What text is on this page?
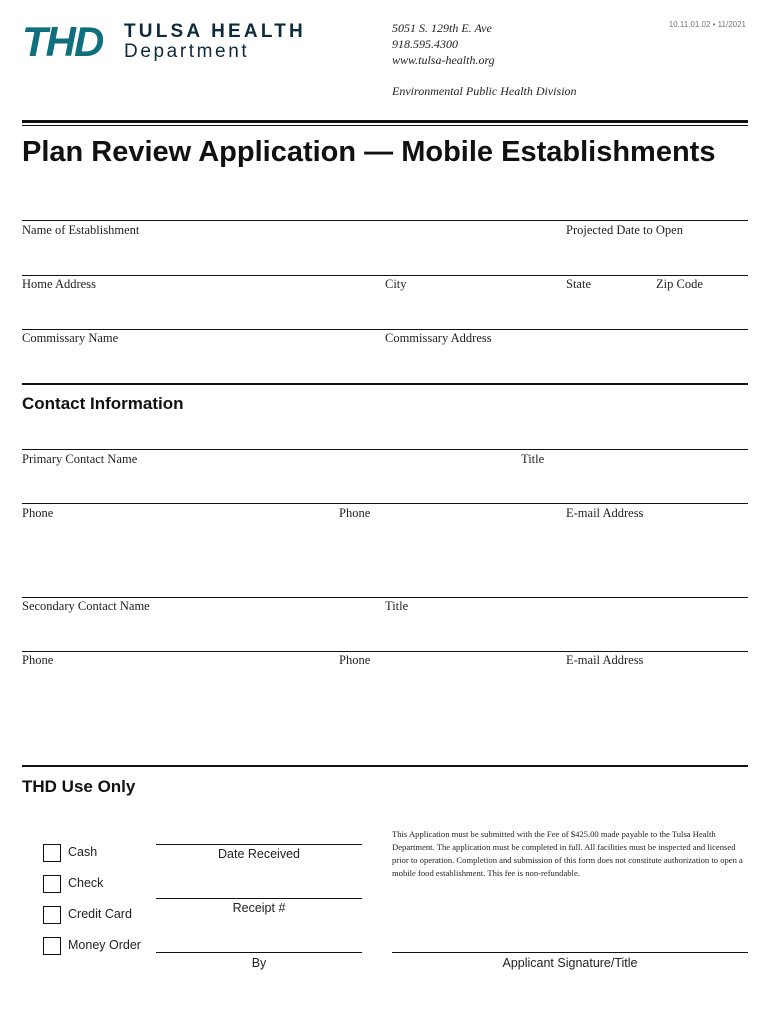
THD TULSA HEALTH
Department
5051 S. 129th E. Ave
918.595.4300
www.tulsa-health.org
Environmental Public Health Division
10.11.01.02 • 11/2021
Plan Review Application — Mobile Establishments
Name of Establishment	Projected Date to Open
Home Address	City	State	Zip Code
Commissary Name	Commissary Address
Contact Information
Primary Contact Name	Title
Phone	Phone	E-mail Address
Secondary Contact Name	Title
Phone	Phone	E-mail Address
THD Use Only
Cash
Check
Credit Card
Money Order
Date Received
Receipt #
By
This Application must be submitted with the Fee of $425.00 made payable to the Tulsa Health Department. The application must be completed in full. All facilities must be inspected and licensed prior to operation. Completion and submission of this form does not constitute authorization to open a mobile food establishment. This fee is non-refundable.
Applicant Signature/Title
